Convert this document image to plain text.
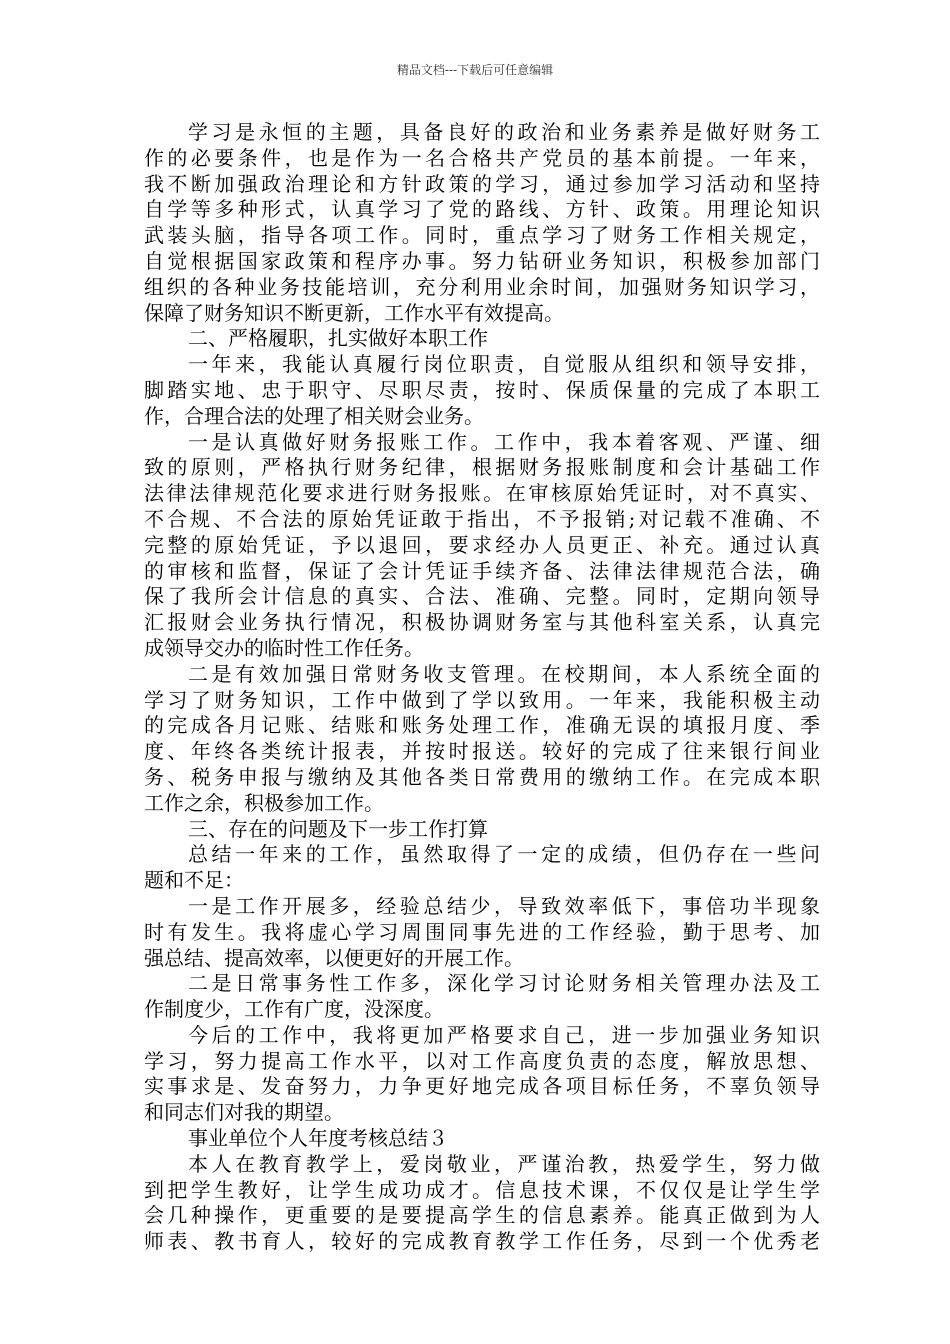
精品文档---下载后可任意编辑
学习是永恒的主题，具备良好的政治和业务素养是做好财务工
作的必要条件，也是作为一名合格共产党员的基本前提。一年来，
我不断加强政治理论和方针政策的学习，通过参加学习活动和坚持
自学等多种形式，认真学习了党的路线、方针、政策。用理论知识
武装头脑，指导各项工作。同时，重点学习了财务工作相关规定，
自觉根据国家政策和程序办事。努力钻研业务知识，积极参加部门
组织的各种业务技能培训，充分利用业余时间，加强财务知识学习，
保障了财务知识不断更新，工作水平有效提高。
二、严格履职，扎实做好本职工作
一年来，我能认真履行岗位职责，自觉服从组织和领导安排，
脚踏实地、忠于职守、尽职尽责，按时、保质保量的完成了本职工
作，合理合法的处理了相关财会业务。
一是认真做好财务报账工作。工作中，我本着客观、严谨、细
致的原则，严格执行财务纪律，根据财务报账制度和会计基础工作
法律法律规范化要求进行财务报账。在审核原始凭证时，对不真实、
不合规、不合法的原始凭证敢于指出，不予报销;对记载不准确、不
完整的原始凭证，予以退回，要求经办人员更正、补充。通过认真
的审核和监督，保证了会计凭证手续齐备、法律法律规范合法，确
保了我所会计信息的真实、合法、准确、完整。同时，定期向领导
汇报财会业务执行情况，积极协调财务室与其他科室关系，认真完
成领导交办的临时性工作任务。
二是有效加强日常财务收支管理。在校期间，本人系统全面的
学习了财务知识，工作中做到了学以致用。一年来，我能积极主动
的完成各月记账、结账和账务处理工作，准确无误的填报月度、季
度、年终各类统计报表，并按时报送。较好的完成了往来银行间业
务、税务申报与缴纳及其他各类日常费用的缴纳工作。在完成本职
工作之余，积极参加工作。
三、存在的问题及下一步工作打算
总结一年来的工作，虽然取得了一定的成绩，但仍存在一些问
题和不足：
一是工作开展多，经验总结少，导致效率低下，事倍功半现象
时有发生。我将虚心学习周围同事先进的工作经验，勤于思考、加
强总结、提高效率，以便更好的开展工作。
二是日常事务性工作多，深化学习讨论财务相关管理办法及工
作制度少，工作有广度，没深度。
今后的工作中，我将更加严格要求自己，进一步加强业务知识
学习，努力提高工作水平，以对工作高度负责的态度，解放思想、
实事求是、发奋努力，力争更好地完成各项目标任务，不辜负领导
和同志们对我的期望。
事业单位个人年度考核总结３
本人在教育教学上，爱岗敬业，严谨治教，热爱学生，努力做
到把学生教好，让学生成功成才。信息技术课，不仅仅是让学生学
会几种操作，更重要的是要提高学生的信息素养。能真正做到为人
师表、教书育人，较好的完成教育教学工作任务，尽到一个优秀老
